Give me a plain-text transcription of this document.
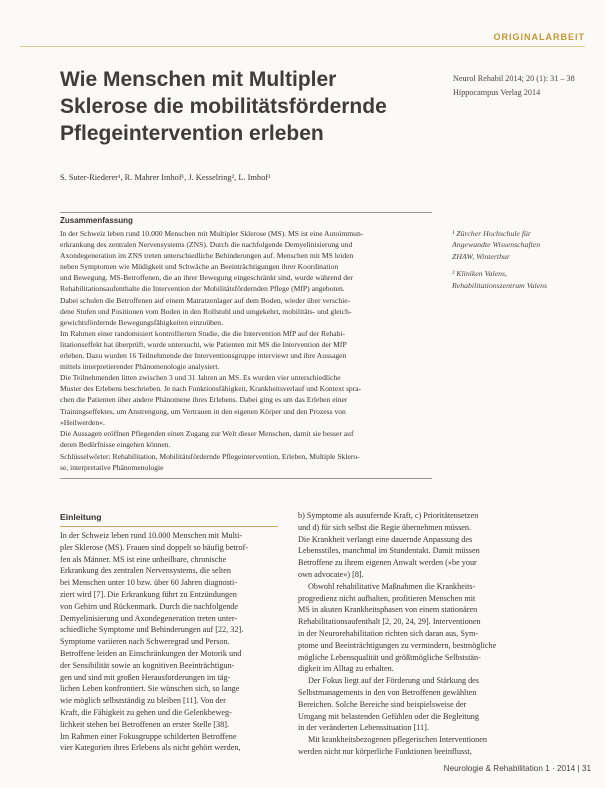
ORIGINALARBEIT
Wie Menschen mit Multipler
Sklerose die mobilitätsfördernde
Pflegeintervention erleben
Neurol Rehabil 2014; 20 (1): 31 – 38
Hippocampus Verlag 2014
S. Suter-Riederer¹, R. Mahrer Imhof¹, J. Kesselring², L. Imhof¹
Zusammenfassung

In der Schweiz leben rund 10.000 Menschen mit Multipler Sklerose (MS). MS ist eine Autoimmun-

erkrankung des zentralen Nervensystems (ZNS). Durch die nachfolgende Demyelinisierung und

Axondegeneration im ZNS treten unterschiedliche Behinderungen auf. Menschen mit MS leiden

neben Symptomen wie Müdigkeit und Schwäche an Beeinträchtigungen ihrer Koordination

und Bewegung. MS-Betroffenen, die an ihrer Bewegung eingeschränkt sind, wurde während der

Rehabilitationsaufenthalte die Intervention der Mobilitätsfördernden Pflege (MfP) angeboten.

Dabei schulen die Betroffenen auf einem Matratzenlager auf dem Boden, wieder über verschie-

dene Stufen und Positionen vom Boden in den Rollstuhl und umgekehrt, mobilitäts- und gleich-

gewichtsfördernde Bewegungsfähigkeiten einzuüben.

Im Rahmen einer randomisiert kontrollierten Studie, die die Intervention MfP auf der Rehabi-

litationseffekt hat überprüft, wurde untersucht, wie Patienten mit MS die Intervention der MfP

erleben. Dazu wurden 16 Teilnehmende der Interventionsgruppe interviewt und ihre Aussagen

mittels interpretierender Phänomenologie analysiert.

Die Teilnehmenden litten zwischen 3 und 31 Jahren an MS. Es wurden vier unterschiedliche

Muster des Erlebens beschrieben. Je nach Funktionsfähigkeit, Krankheitsverlauf und Kontext spra-

chen die Patienten über andere Phänomene ihres Erlebens. Dabei ging es um das Erleben einer

Trainingseffektes, um Anstrengung, um Vertrauen in den eigenen Körper und den Prozess von

»Heilwerden«.

Die Aussagen eröffnen Pflegenden einen Zugang zur Welt dieser Menschen, damit sie besser auf

deren Bedürfnisse eingehen können.

Schlüsselwörter: Rehabilitation, Mobilitätsfördernde Pflegeintervention, Erleben, Multiple Sklero-
se, interpretative Phänomenologie
¹ Zürcher Hochschule für
Angewandte Wissenschaften
ZHAW, Winterthur
² Kliniken Valens,
Rehabilitationszentrum Valens
Einleitung
In der Schweiz leben rund 10.000 Menschen mit Multi-
pler Sklerose (MS). Frauen sind doppelt so häufig betrof-
fen als Männer. MS ist eine unheilbare, chronische
Erkrankung des zentralen Nervensystems, die selten
bei Menschen unter 10 bzw. über 60 Jahren diagnosti-
ziert wird [7]. Die Erkrankung führt zu Entzündungen
von Gehirn und Rückenmark. Durch die nachfolgende
Demyelinisierung und Axondegeneration treten unter-
schiedliche Symptome und Behinderungen auf [22, 32].
Symptome variieren nach Schweregrad und Person.
Betroffene leiden an Einschränkungen der Motorik und
der Sensibilität sowie an kognitiven Beeinträchtigun-
gen und sind mit großen Herausforderungen im täg-
lichen Leben konfrontiert. Sie wünschen sich, so lange
wie möglich selbstständig zu bleiben [11]. Von der
Kraft, die Fähigkeit zu gehen und die Gelenkbeweg-
lichkeit stehen bei Betroffenen an erster Stelle [38].
Im Rahmen einer Fokusgruppe schilderten Betroffene
vier Kategorien ihres Erlebens als nicht gehört werden,
b) Symptome als ausufernde Kraft, c) Prioritätensetzen
und d) für sich selbst die Regie übernehmen müssen.
Die Krankheit verlangt eine dauernde Anpassung des
Lebensstiles, manchmal im Stundentakt. Damit müssen
Betroffene zu ihrem eigenen Anwalt werden (»be your
own advocate«) [8].
Obwohl rehabilitative Maßnahmen die Krankheits-
progredienz nicht aufhalten, profitieren Menschen mit
MS in akuten Krankheitsphasen von einem stationären
Rehabilitationsaufenthalt [2, 20, 24, 29]. Interventionen
in der Neurorehabilitation richten sich daran aus, Sym-
ptome und Beeinträchtigungen zu vermindern, bestmögliche
mögliche Lebensqualität und größtmögliche Selbststän-
digkeit im Alltag zu erhalten.
Der Fokus liegt auf der Förderung und Stärkung des
Selbstmanagements in den von Betroffenen gewählten
Bereichen. Solche Bereiche sind beispielsweise der
Umgang mit belastenden Gefühlen oder die Begleitung
in der veränderten Lebenssituation [11].
Mit krankheitsbezogenen pflegerischen Interventionen
werden nicht nur körperliche Funktionen beeinflusst,
Neurologie & Rehabilitation 1 · 2014 | 31
